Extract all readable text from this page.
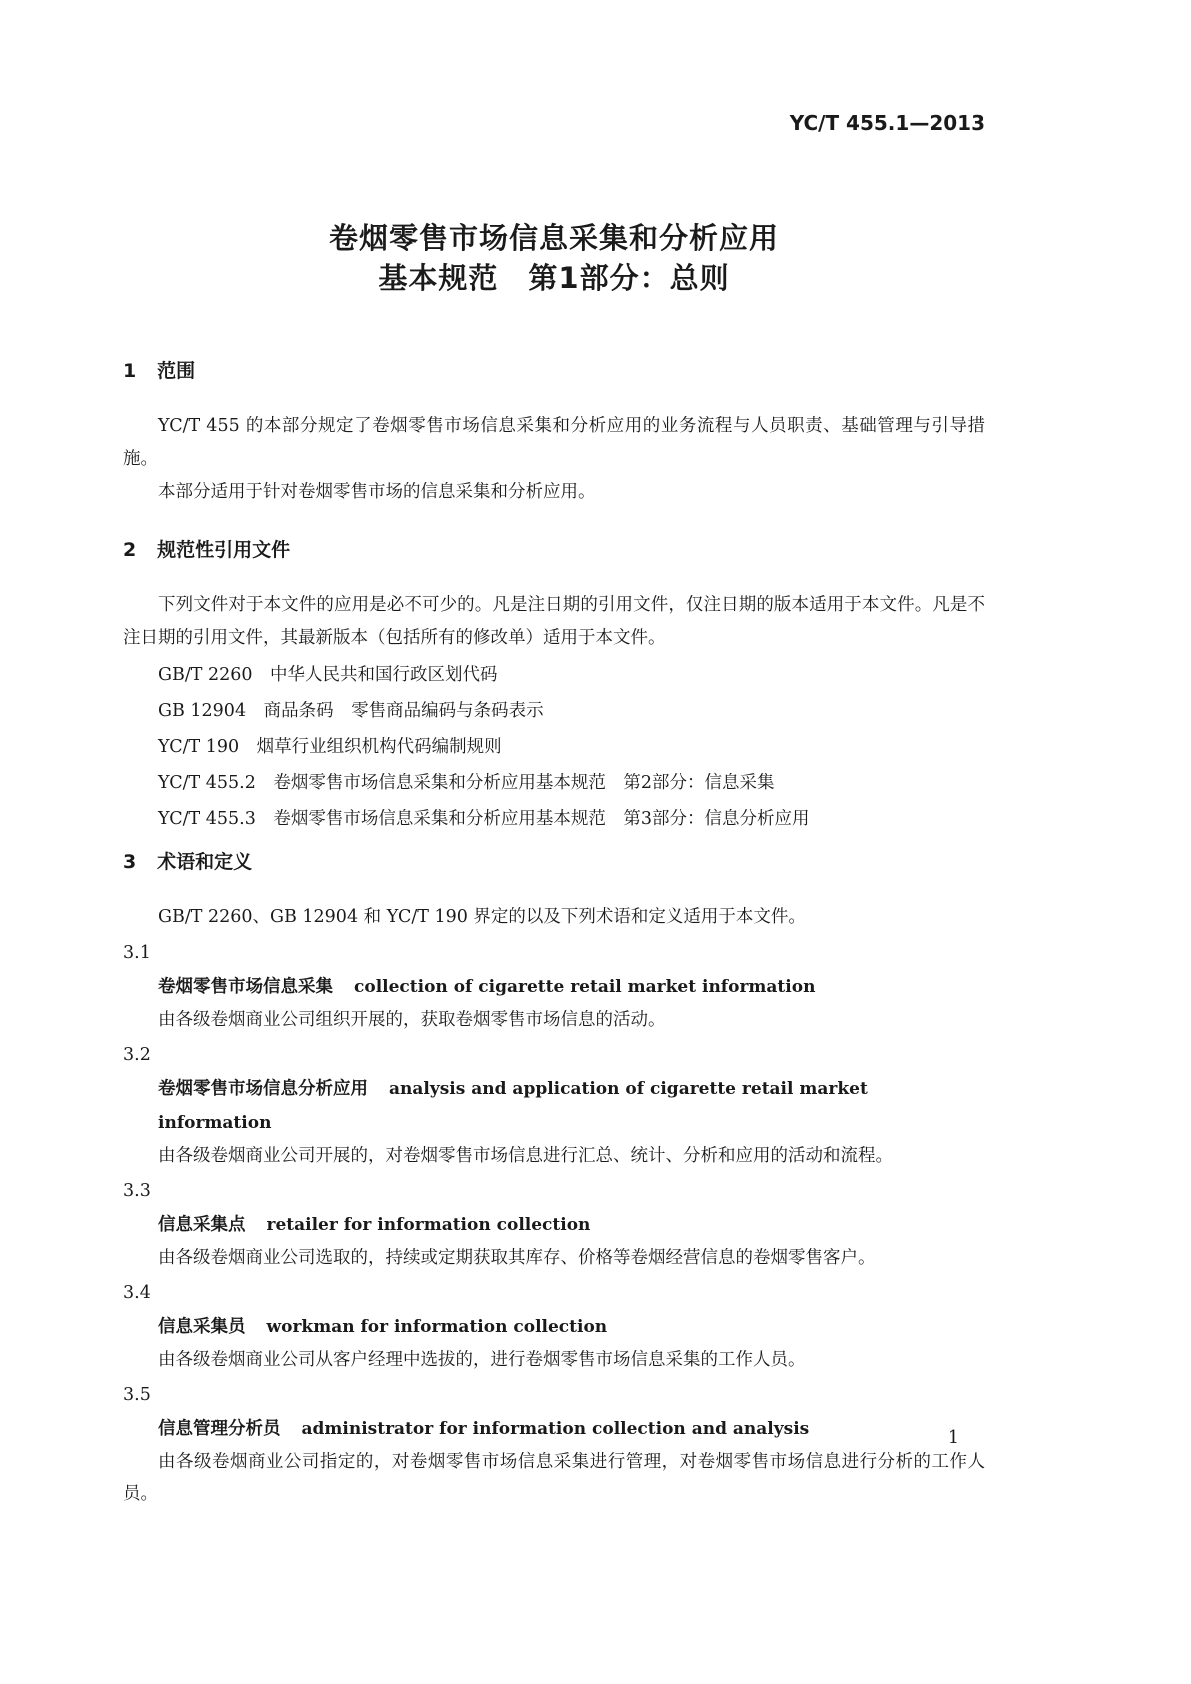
YC/T 455.1—2013
卷烟零售市场信息采集和分析应用
基本规范　第1部分：总则
1 范围

YC/T 455 的本部分规定了卷烟零售市场信息采集和分析应用的业务流程与人员职责、基础管理与引导措施。

本部分适用于针对卷烟零售市场的信息采集和分析应用。

2 规范性引用文件

下列文件对于本文件的应用是必不可少的。凡是注日期的引用文件，仅注日期的版本适用于本文件。凡是不注日期的引用文件，其最新版本（包括所有的修改单）适用于本文件。

GB/T 2260　中华人民共和国行政区划代码

GB 12904　商品条码　零售商品编码与条码表示

YC/T 190　烟草行业组织机构代码编制规则

YC/T 455.2　卷烟零售市场信息采集和分析应用基本规范　第2部分：信息采集

YC/T 455.3　卷烟零售市场信息采集和分析应用基本规范　第3部分：信息分析应用

3 术语和定义

GB/T 2260、GB 12904 和 YC/T 190 界定的以及下列术语和定义适用于本文件。

3.1

卷烟零售市场信息采集 collection of cigarette retail market information

由各级卷烟商业公司组织开展的，获取卷烟零售市场信息的活动。

3.2

卷烟零售市场信息分析应用 analysis and application of cigarette retail market information

由各级卷烟商业公司开展的，对卷烟零售市场信息进行汇总、统计、分析和应用的活动和流程。

3.3

信息采集点 retailer for information collection

由各级卷烟商业公司选取的，持续或定期获取其库存、价格等卷烟经营信息的卷烟零售客户。

3.4

信息采集员 workman for information collection

由各级卷烟商业公司从客户经理中选拔的，进行卷烟零售市场信息采集的工作人员。

3.5

信息管理分析员 administrator for information collection and analysis

由各级卷烟商业公司指定的，对卷烟零售市场信息采集进行管理，对卷烟零售市场信息进行分析的工作人员。

1
